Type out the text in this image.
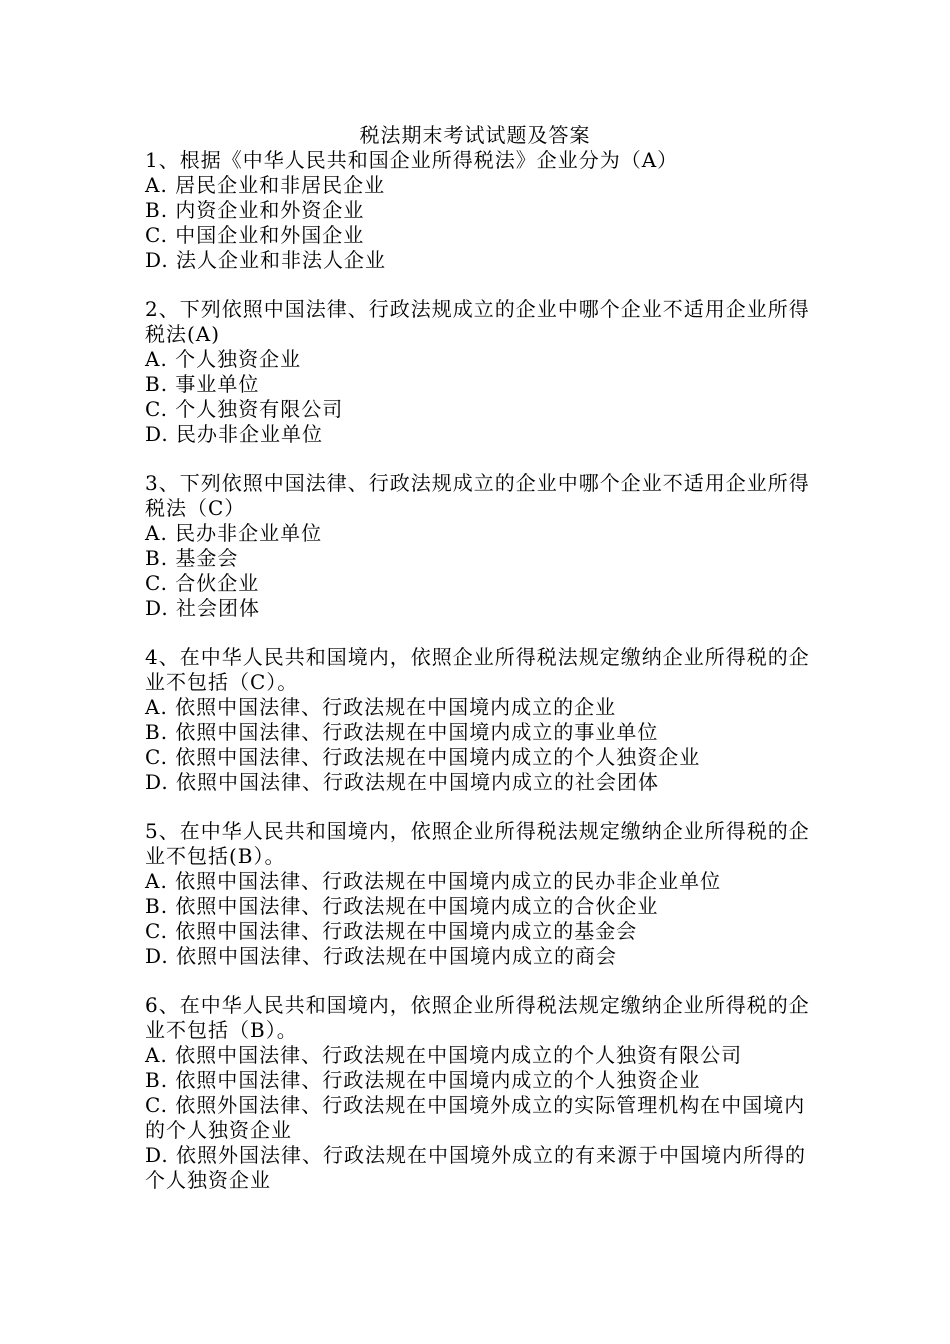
税法期末考试试题及答案
1、根据《中华人民共和国企业所得税法》企业分为（A）
A. 居民企业和非居民企业
B. 内资企业和外资企业
C. 中国企业和外国企业
D. 法人企业和非法人企业
2、下列依照中国法律、行政法规成立的企业中哪个企业不适用企业所得税法(A)
A. 个人独资企业
B. 事业单位
C. 个人独资有限公司
D. 民办非企业单位
3、下列依照中国法律、行政法规成立的企业中哪个企业不适用企业所得税法（C）
A. 民办非企业单位
B. 基金会
C. 合伙企业
D. 社会团体
4、在中华人民共和国境内，依照企业所得税法规定缴纳企业所得税的企业不包括（C）。
A. 依照中国法律、行政法规在中国境内成立的企业
B. 依照中国法律、行政法规在中国境内成立的事业单位
C. 依照中国法律、行政法规在中国境内成立的个人独资企业
D. 依照中国法律、行政法规在中国境内成立的社会团体
5、在中华人民共和国境内，依照企业所得税法规定缴纳企业所得税的企业不包括(B）。
A. 依照中国法律、行政法规在中国境内成立的民办非企业单位
B. 依照中国法律、行政法规在中国境内成立的合伙企业
C. 依照中国法律、行政法规在中国境内成立的基金会
D. 依照中国法律、行政法规在中国境内成立的商会
6、在中华人民共和国境内，依照企业所得税法规定缴纳企业所得税的企业不包括（B）。
A. 依照中国法律、行政法规在中国境内成立的个人独资有限公司
B. 依照中国法律、行政法规在中国境内成立的个人独资企业
C. 依照外国法律、行政法规在中国境外成立的实际管理机构在中国境内的个人独资企业
D. 依照外国法律、行政法规在中国境外成立的有来源于中国境内所得的个人独资企业
